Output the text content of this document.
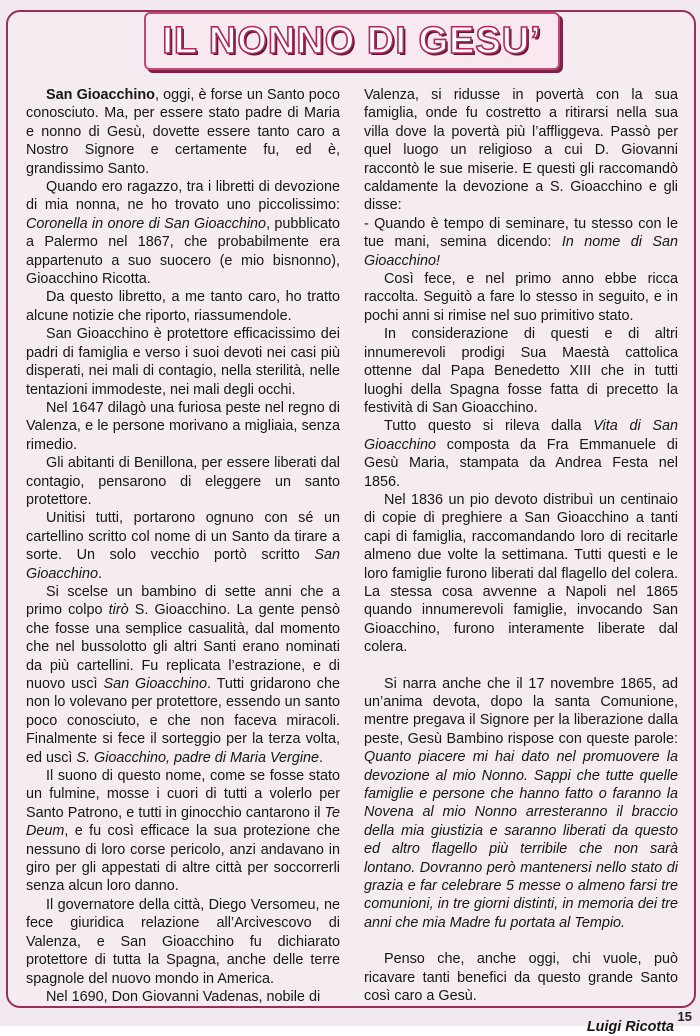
IL NONNO DI GESU’

San Gioacchino, oggi, è forse un Santo poco conosciuto. Ma, per essere stato padre di Maria e nonno di Gesù, dovette essere tanto caro a Nostro Signore e certamente fu, ed è, grandissimo Santo.

Quando ero ragazzo, tra i libretti di devozione di mia nonna, ne ho trovato uno piccolissimo: Coronella in onore di San Gioacchino, pubblicato a Palermo nel 1867, che probabilmente era appartenuto a suo suocero (e mio bisnonno), Gioacchino Ricotta.

Da questo libretto, a me tanto caro, ho tratto alcune notizie che riporto, riassumendole.

San Gioacchino è protettore efficacissimo dei padri di famiglia e verso i suoi devoti nei casi più disperati, nei mali di contagio, nella sterilità, nelle tentazioni immodeste, nei mali degli occhi.

Nel 1647 dilagò una furiosa peste nel regno di Valenza, e le persone morivano a migliaia, senza rimedio.

Gli abitanti di Benillona, per essere liberati dal contagio, pensarono di eleggere un santo protettore.

Unitisi tutti, portarono ognuno con sé un cartellino scritto col nome di un Santo da tirare a sorte. Un solo vecchio portò scritto San Gioacchino.

Si scelse un bambino di sette anni che a primo colpo tirò S. Gioacchino. La gente pensò che fosse una semplice casualità, dal momento che nel bussolotto gli altri Santi erano nominati da più cartellini. Fu replicata l’estrazione, e di nuovo uscì San Gioacchino. Tutti gridarono che non lo volevano per protettore, essendo un santo poco conosciuto, e che non faceva miracoli. Finalmente si fece il sorteggio per la terza volta, ed uscì S. Gioacchino, padre di Maria Vergine.

Il suono di questo nome, come se fosse stato un fulmine, mosse i cuori di tutti a volerlo per Santo Patrono, e tutti in ginocchio cantarono il Te Deum, e fu così efficace la sua protezione che nessuno di loro corse pericolo, anzi andavano in giro per gli appestati di altre città per soccorrerli senza alcun loro danno.

Il governatore della città, Diego Versomeu, ne fece giuridica relazione all’Arcivescovo di Valenza, e San Gioacchino fu dichiarato protettore di tutta la Spagna, anche delle terre spagnole del nuovo mondo in America.

Nel 1690, Don Giovanni Vadenas, nobile di

Valenza, si ridusse in povertà con la sua famiglia, onde fu costretto a ritirarsi nella sua villa dove la povertà più l’affliggeva. Passò per quel luogo un religioso a cui D. Giovanni raccontò le sue miserie. E questi gli raccomandò caldamente la devozione a S. Gioacchino e gli disse:

- Quando è tempo di seminare, tu stesso con le tue mani, semina dicendo: In nome di San Gioacchino!

Così fece, e nel primo anno ebbe ricca raccolta. Seguitò a fare lo stesso in seguito, e in pochi anni si rimise nel suo primitivo stato.

In considerazione di questi e di altri innumerevoli prodigi Sua Maestà cattolica ottenne dal Papa Benedetto XIII che in tutti luoghi della Spagna fosse fatta di precetto la festività di San Gioacchino.

Tutto questo si rileva dalla Vita di San Gioacchino composta da Fra Emmanuele di Gesù Maria, stampata da Andrea Festa nel 1856.

Nel 1836 un pio devoto distribuì un centinaio di copie di preghiere a San Gioacchino a tanti capi di famiglia, raccomandando loro di recitarle almeno due volte la settimana. Tutti questi e le loro famiglie furono liberati dal flagello del colera. La stessa cosa avvenne a Napoli nel 1865 quando innumerevoli famiglie, invocando San Gioacchino, furono interamente liberate dal colera.

Si narra anche che il 17 novembre 1865, ad un’anima devota, dopo la santa Comunione, mentre pregava il Signore per la liberazione dalla peste, Gesù Bambino rispose con queste parole: Quanto piacere mi hai dato nel promuovere la devozione al mio Nonno. Sappi che tutte quelle famiglie e persone che hanno fatto o faranno la Novena al mio Nonno arresteranno il braccio della mia giustizia e saranno liberati da questo ed altro flagello più terribile che non sarà lontano. Dovranno però mantenersi nello stato di grazia e far celebrare 5 messe o almeno farsi tre comunioni, in tre giorni distinti, in memoria dei tre anni che mia Madre fu portata al Tempio.

Penso che, anche oggi, chi vuole, può ricavare tanti benefici da questo grande Santo così caro a Gesù.

Luigi Ricotta

15
